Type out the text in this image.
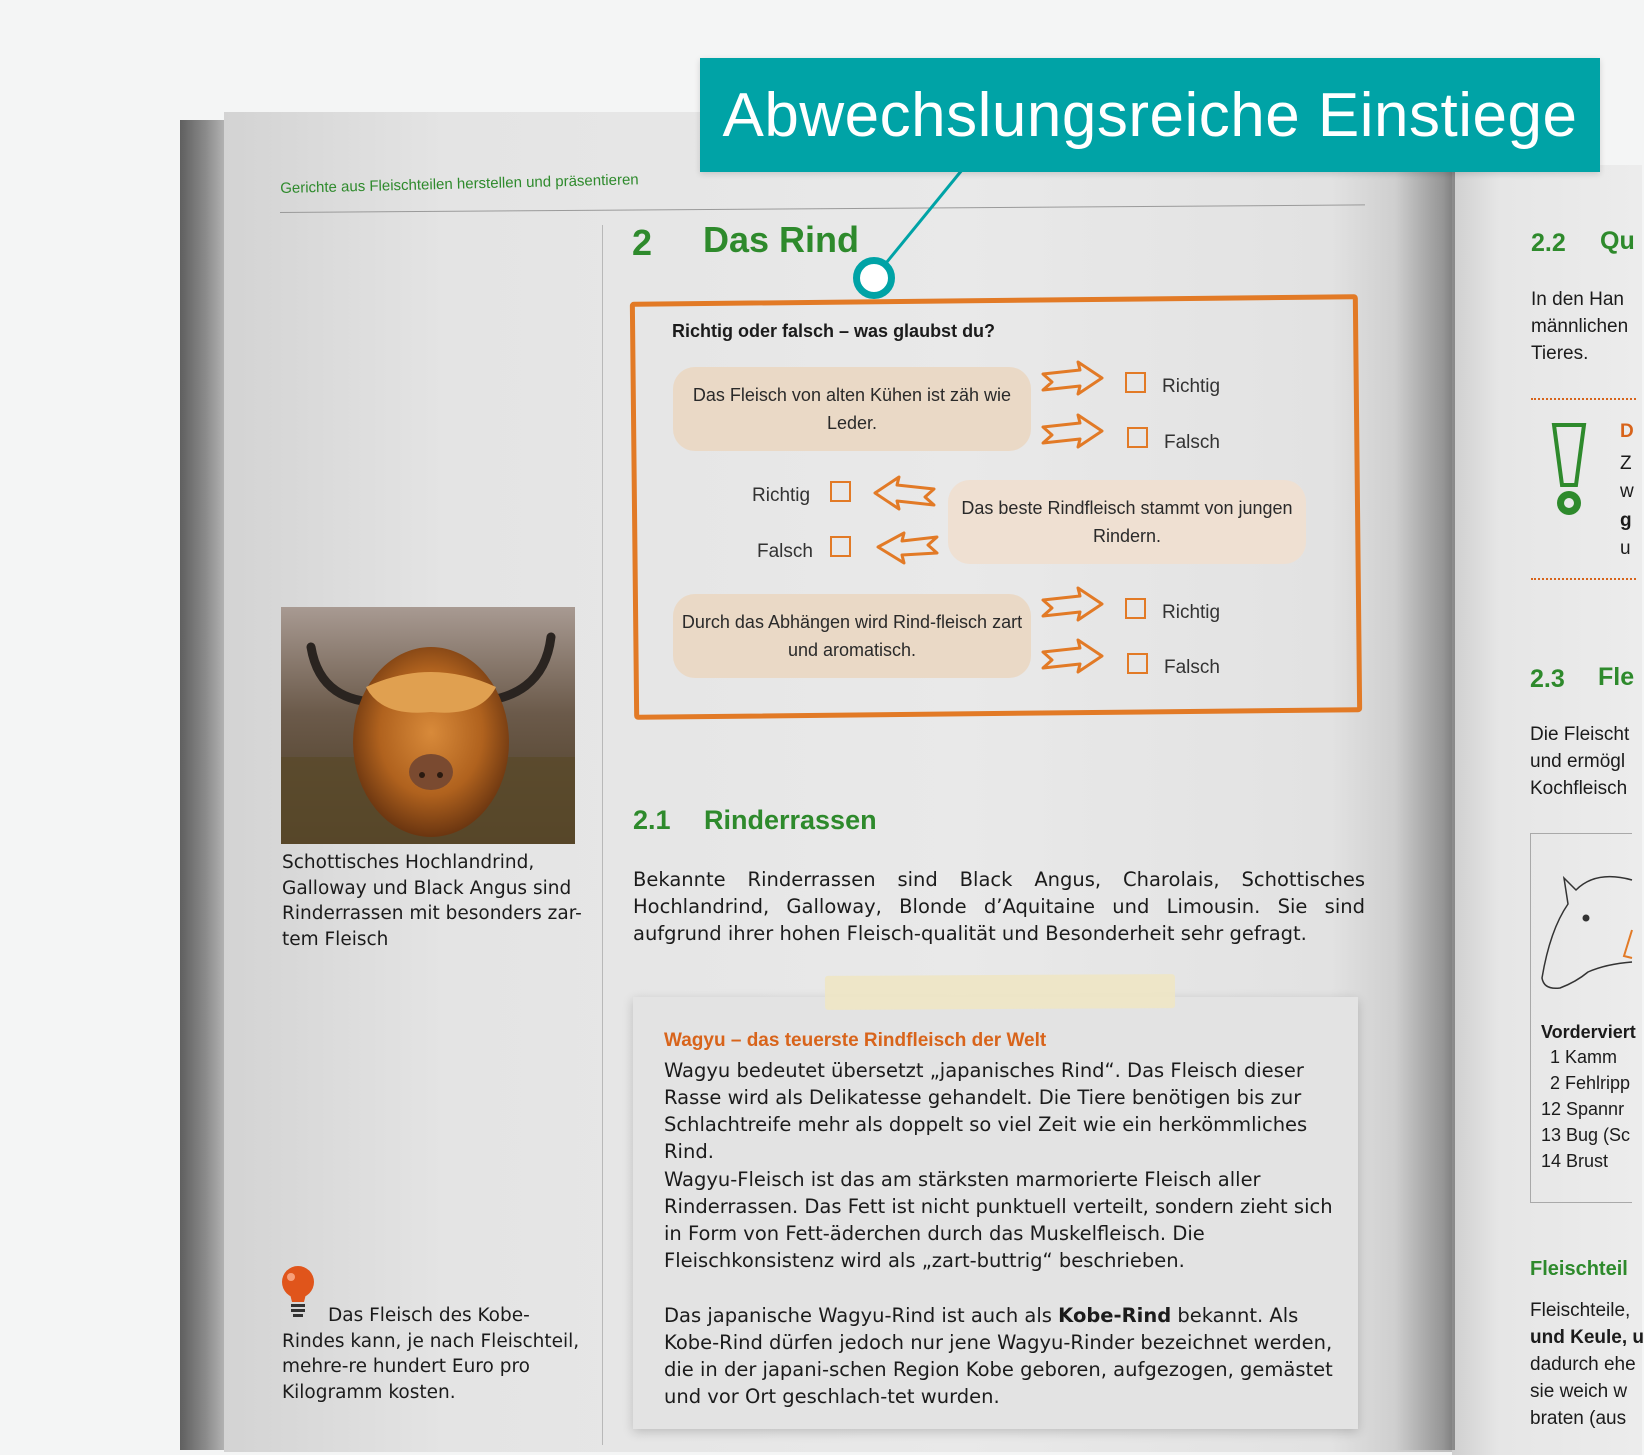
Gerichte aus Fleischteilen herstellen und präsentieren
Abwechslungsreiche Einstiege
2 Das Rind
Richtig oder falsch – was glaubst du?
Das Fleisch von alten Kühen ist zäh wie Leder.
Richtig
Falsch
Richtig
Falsch
Das beste Rindfleisch stammt von jungen Rindern.
Durch das Abhängen wird Rind-fleisch zart und aromatisch.
Richtig
Falsch
Schottisches Hochlandrind, Galloway und Black Angus sind Rinderrassen mit besonders zar-tem Fleisch
Das Fleisch des Kobe-Rindes kann, je nach Fleischteil, mehre-re hundert Euro pro Kilogramm kosten.
2.1 Rinderrassen
Bekannte Rinderrassen sind Black Angus, Charolais, Schottisches Hochlandrind, Galloway, Blonde d’Aquitaine und Limousin. Sie sind aufgrund ihrer hohen Fleisch-qualität und Besonderheit sehr gefragt.
Wagyu – das teuerste Rindfleisch der Welt
Wagyu bedeutet übersetzt „japanisches Rind“. Das Fleisch dieser Rasse wird als Delikatesse gehandelt. Die Tiere benötigen bis zur Schlachtreife mehr als doppelt so viel Zeit wie ein herkömmliches Rind.
Wagyu-Fleisch ist das am stärksten marmorierte Fleisch aller Rinderrassen. Das Fett ist nicht punktuell verteilt, sondern zieht sich in Form von Fett-äderchen durch das Muskelfleisch. Die Fleischkonsistenz wird als „zart-buttrig“ beschrieben.
Das japanische Wagyu-Rind ist auch als Kobe-Rind bekannt. Als Kobe-Rind dürfen jedoch nur jene Wagyu-Rinder bezeichnet werden, die in der japani-schen Region Kobe geboren, aufgezogen, gemästet und vor Ort geschlach-tet wurden.
2.2 Qu
In den Han
männlichen
Tieres.
D
Z
w
g
u
2.3 Fle
Die Fleischt
und ermögl
Kochfleisch
Vorderviert
1 Kamm
2 Fehlripp
12 Spannr
13 Bug (Sc
14 Brust
Fleischteil
Fleischteile,
und Keule, u
dadurch ehe
sie weich w
braten (aus
